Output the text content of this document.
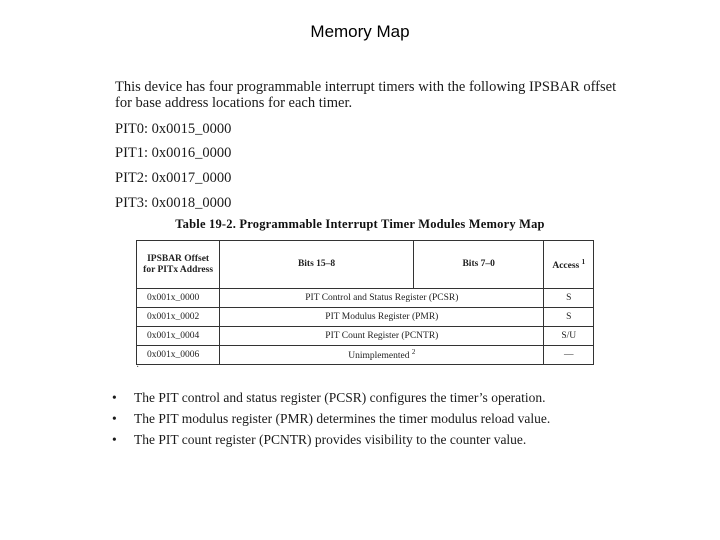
Memory Map
This device has four programmable interrupt timers with the following IPSBAR offset for base address locations for each timer.
PIT0: 0x0015_0000
PIT1: 0x0016_0000
PIT2: 0x0017_0000
PIT3: 0x0018_0000
Table 19-2. Programmable Interrupt Timer Modules Memory Map
IPSBAR Offset for PITx Address	Bits 15–8	Bits 7–0	Access $^1$
0x001x_0000	PIT Control and Status Register (PCSR)		S
0x001x_0002	PIT Modulus Register (PMR)		S
0x001x_0004	PIT Count Register (PCNTR)		S/U
0x001x_0006	Unimplemented $^2$		—
·
• The PIT control and status register (PCSR) configures the timer’s operation.
• The PIT modulus register (PMR) determines the timer modulus reload value.
• The PIT count register (PCNTR) provides visibility to the counter value.
